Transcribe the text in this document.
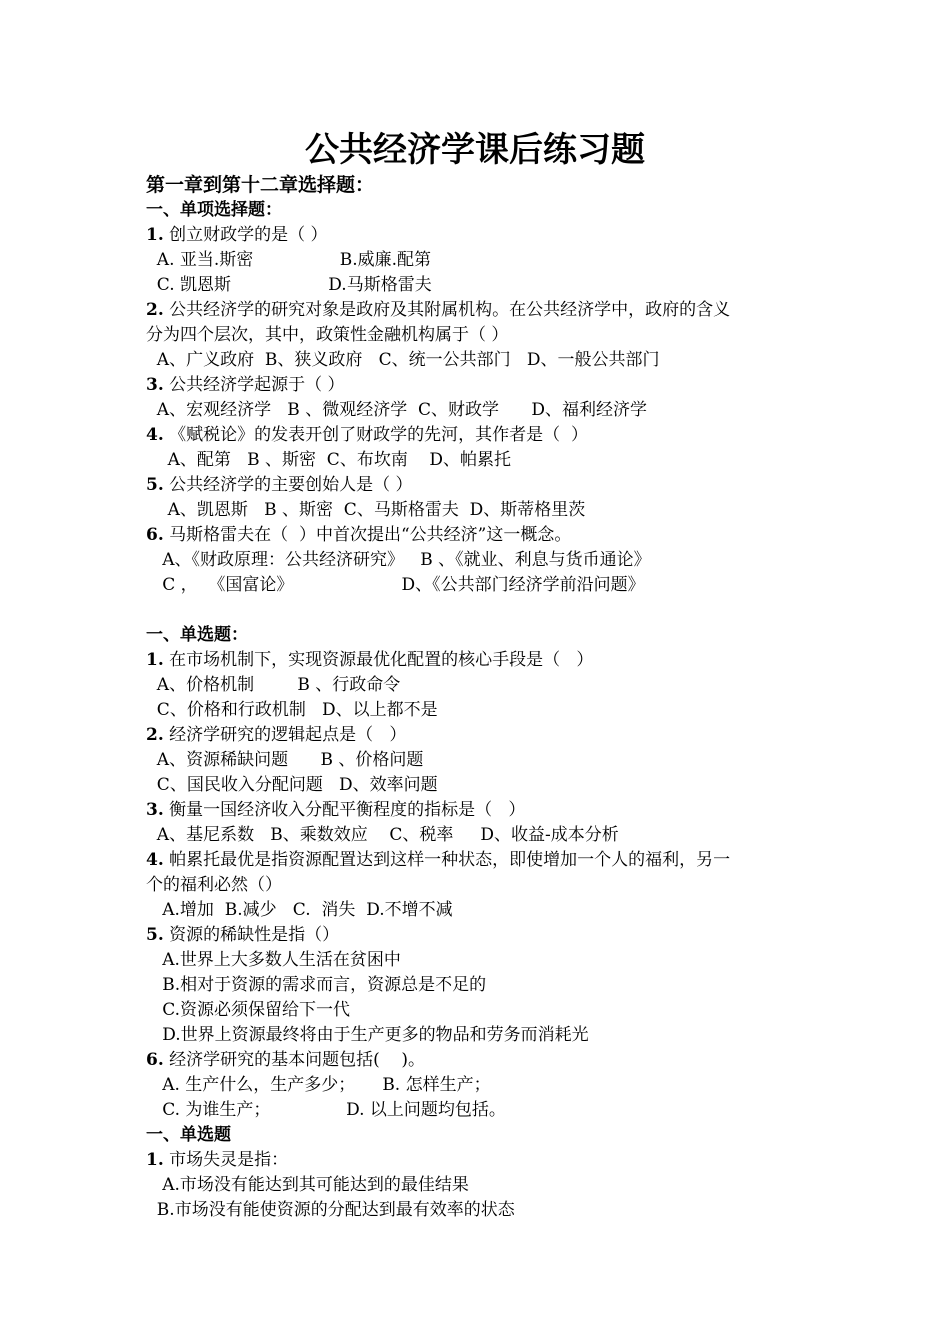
公共经济学课后练习题
第一章到第十二章选择题：
一、单项选择题：
1. 创立财政学的是（ ）
A. 亚当.斯密                B.威廉.配第
C. 凯恩斯                  D.马斯格雷夫
2. 公共经济学的研究对象是政府及其附属机构。在公共经济学中，政府的含义
分为四个层次，其中，政策性金融机构属于（ ）
A、广义政府  B、狭义政府   C、统一公共部门   D、一般公共部门
3. 公共经济学起源于（ ）
A、宏观经济学   B 、微观经济学  C、财政学      D、福利经济学
4. 《赋税论》的发表开创了财政学的先河，其作者是（  ）
A、配第   B 、斯密  C、布坎南    D、帕累托
5. 公共经济学的主要创始人是（ ）
A、凯恩斯   B 、斯密  C、马斯格雷夫  D、斯蒂格里茨
6. 马斯格雷夫在（  ）中首次提出“公共经济”这一概念。
A、《财政原理：公共经济研究》   B 、《就业、利息与货币通论》
C ，  《国富论》                    D、《公共部门经济学前沿问题》
一、单选题：
1. 在市场机制下，实现资源最优化配置的核心手段是（   ）
A、价格机制        B 、行政命令
C、价格和行政机制   D、以上都不是
2. 经济学研究的逻辑起点是（   ）
A、资源稀缺问题      B 、价格问题
C、国民收入分配问题   D、效率问题
3. 衡量一国经济收入分配平衡程度的指标是（   ）
A、基尼系数   B、乘数效应    C、税率     D、收益-成本分析
4. 帕累托最优是指资源配置达到这样一种状态，即使增加一个人的福利，另一
个的福利必然（）
A.增加  B.减少   C.  消失  D.不增不减
5. 资源的稀缺性是指（）
A.世界上大多数人生活在贫困中
B.相对于资源的需求而言，资源总是不足的
C.资源必须保留给下一代
D.世界上资源最终将由于生产更多的物品和劳务而消耗光
6. 经济学研究的基本问题包括(    )。
A. 生产什么，生产多少；     B. 怎样生产；
C. 为谁生产；              D. 以上问题均包括。
一、单选题
1. 市场失灵是指：
A.市场没有能达到其可能达到的最佳结果
B.市场没有能使资源的分配达到最有效率的状态
